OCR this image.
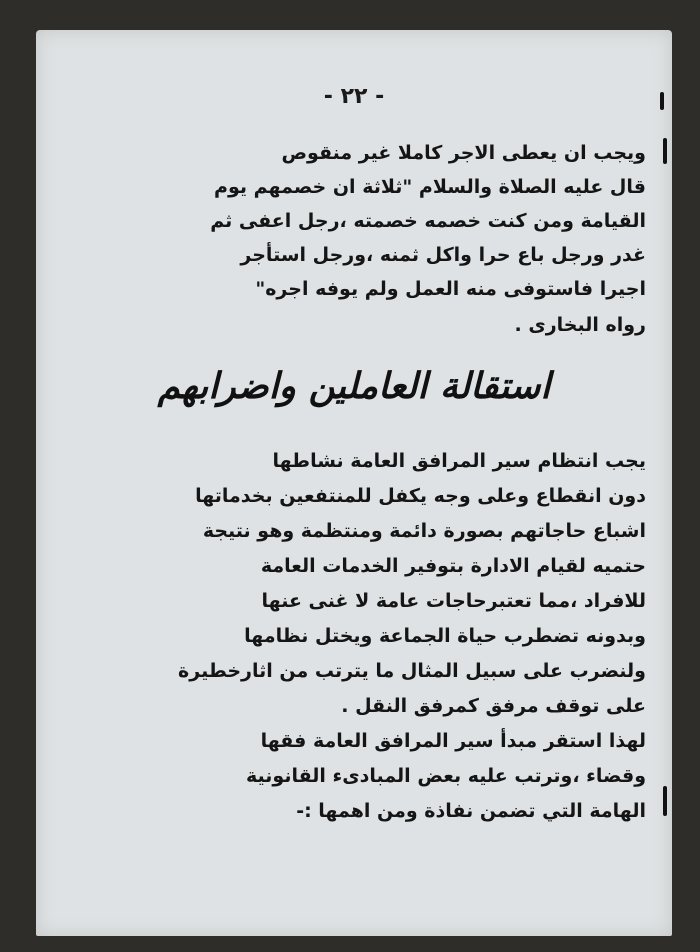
- ٢٢ -
ويجب ان يعطى الاجر كاملا غير منقوص
قال عليه الصلاة والسلام "ثلاثة ان خصمهم يوم
القيامة ومن كنت خصمه خصمته ،رجل اعفى ثم
غدر ورجل باع حرا واكل ثمنه ،ورجل استأجر
اجيرا فاستوفى منه العمل ولم يوفه اجره"
رواه البخارى .
استقالة العاملين واضرابهم
يجب انتظام سير المرافق العامة نشاطها
دون انقطاع وعلى وجه يكفل للمنتفعين بخدماتها
اشباع حاجاتهم بصورة دائمة ومنتظمة وهو نتيجة
حتميه لقيام الادارة بتوفير الخدمات العامة
للافراد ،مما تعتبرحاجات عامة لا غنى عنها
وبدونه تضطرب حياة الجماعة ويختل نظامها
ولنضرب على سبيل المثال ما يترتب من اثارخطيرة
على توقف مرفق كمرفق النقل .
لهذا استقر مبدأ سير المرافق العامة فقها
وقضاء ،وترتب عليه بعض المبادىء القانونية
الهامة التي تضمن نفاذة ومن اهمها :-
